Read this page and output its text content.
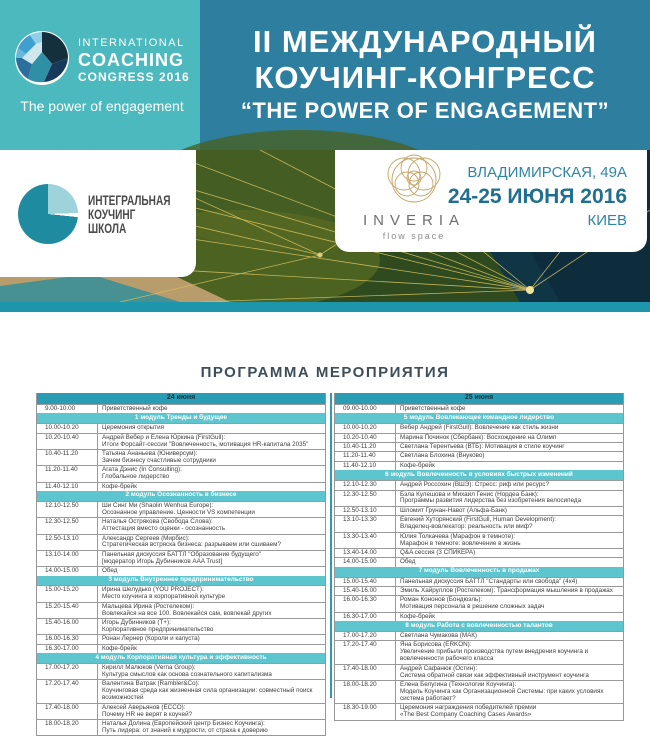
INTERNATIONAL
COACHING
CONGRESS 2016
The power of engagement
II МЕЖДУНАРОДНЫЙ
КОУЧИНГ-КОНГРЕСС
“THE POWER OF ENGAGEMENT”
ИНТЕГРАЛЬНАЯ
КОУЧИНГ
ШКОЛА	INVERIA
flow space
ВЛАДИМИРСКАЯ, 49А
24-25 ИЮНЯ 2016
КИЕВ
ПРОГРАММА МЕРОПРИЯТИЯ
24 июня
9.00-10.00	Приветственный кофе
1 модуль Тренды и будущее
10.00-10.20	Церемония открытия
10.20-10.40	Андрей Вебер и Елена Юркина (FirstGull):
Итоги Форсайт-сессии "Вовлеченность, мотивация HR-капитала 2035"
10.40-11.20	Татьяна Ананьева (Юниверсум):
Зачем бизнесу счастливые сотрудники
11.20-11.40	Агата Дэнис (In Consulting):
Глобальное лидерство
11.40-12.10	Кофе-брейк
2 модуль Осознанность в бизнесе
12.10-12.50	Ши Синг Ми (Shaolin Wenhua Europe):
Осознанное управление. Ценности VS компетенции
12.30-12.50	Наталья Острякова (Свобода Слова):
Аттестация вместо оценки - осознанность
12.50-13.10	Александр Сергеев (Мирбис):
Стратегическая встряска бизнеса: разрываем или сшиваем?
13.10-14.00	Панельная дискуссия БАТТЛ "Образование будущего"
[модератор Игорь Дубинников AAA Trust]
14.00-15.00	Обед
3 модуль Внутреннее предпринимательство
15.00-15.20	Ирина Шелудько (YOU PROJECT):
Место коучинга в корпоративной культуре
15.20-15.40	Мальцева Ирина (Ростелеком):
Вовлекайся на все 100. Вовлекайся сам, вовлекай других
15.40-16.00	Игорь Дубинников (Т+):
Корпоративное предпринимательство
16.00-16.30	Ронан Лернер (Короли и капуста)
16.30-17.00	Кофе-брейк
4 модуль Корпоративная культура и эффективность
17.00-17.20	Кирилл Малюков (Verna Group):
Культура смыслов как основа сознательного капитализма
17.20-17.40	Валентина Ватрак (Rambler&Co):
Коучинговая среда как жизненная сила организации: совместный поиск
возможностей
17.40-18.00	Алексей Аверьянов (ECCO):
Почему HR не верят в коучей?
18.00-18.20	Наталья Долина (Европейский центр Бизнес Коучинга):
Путь лидера: от знаний к мудрости, от страха к доверию
25 июня
09.00-10.00	Приветственный кофе
5 модуль Вовлекающее командное лидерство
10.00-10.20	Вебер Андрей (FirstGull): Вовлечение как стиль жизни
10.20-10.40	Марина Починок (Сбербанк): Восхождение на Олимп
10.40-11.20	Светлана Терентьева (ВТБ): Мотивация в стиле коучинг
11.20-11.40	Светлана Блохина (Внуково)
11.40-12.10	Кофе-брейк
6 модуль Вовлеченность в условиях быстрых изменений
12.10-12.30	Андрей Россохин (ВШЭ): Стресс: риф или ресурс?
12.30-12.50	Бэла Кулешова и Михаил Генис (Нордеа Банк):
Программы развития лидерства без изобретения велосипеда
12.50-13.10	Шломит Грунан-Навот (Альфа-Банк)
13.10-13.30	Евгений Хуторянский (FirstGull, Human Development):
Владелец-вовлекатор: реальность или миф?
13.30-13.40	Юлия Толкачева (Марафон в темноте):
Марафон в темноте: вовлечение в жизнь
13.40-14.00	Q&A сессия (3 СПИКЕРА)
14.00-15.00	Обед
7 модуль Вовлеченность в продажах
15.00-15.40	Панельная дискуссия БАТТЛ "Стандарты или свобода" (4x4)
15.40-16.00	Эмиль Хайруллов (Ростелеком): Трансформация мышления в продажах
16.00-16.30	Роман Кононов (Бондюэль):
Мотивация персонала в решение сложных задач
16.30-17.00	Кофе-брейк
8 модуль Работа с вовлеченностью талантов
17.00-17.20	Светлана Чумакова (МАК)
17.20-17.40	Яна Борисова (ERKON):
Увеличение прибыли производства путем внедрения коучинга и
вовлеченности рабочего класса
17.40-18.00	Андрей Сафанюк (Остин):
Система обратной связи как эффективный инструмент коучинга
18.00-18.20	Елена Белугина (Технологии Коучинга):
Модель Коучинга как Организационной Системы: при каких условиях
система работает?
18.30-19.00	Церемония награждения победителей премии
«The Best Company Coaching Cases Awards»
